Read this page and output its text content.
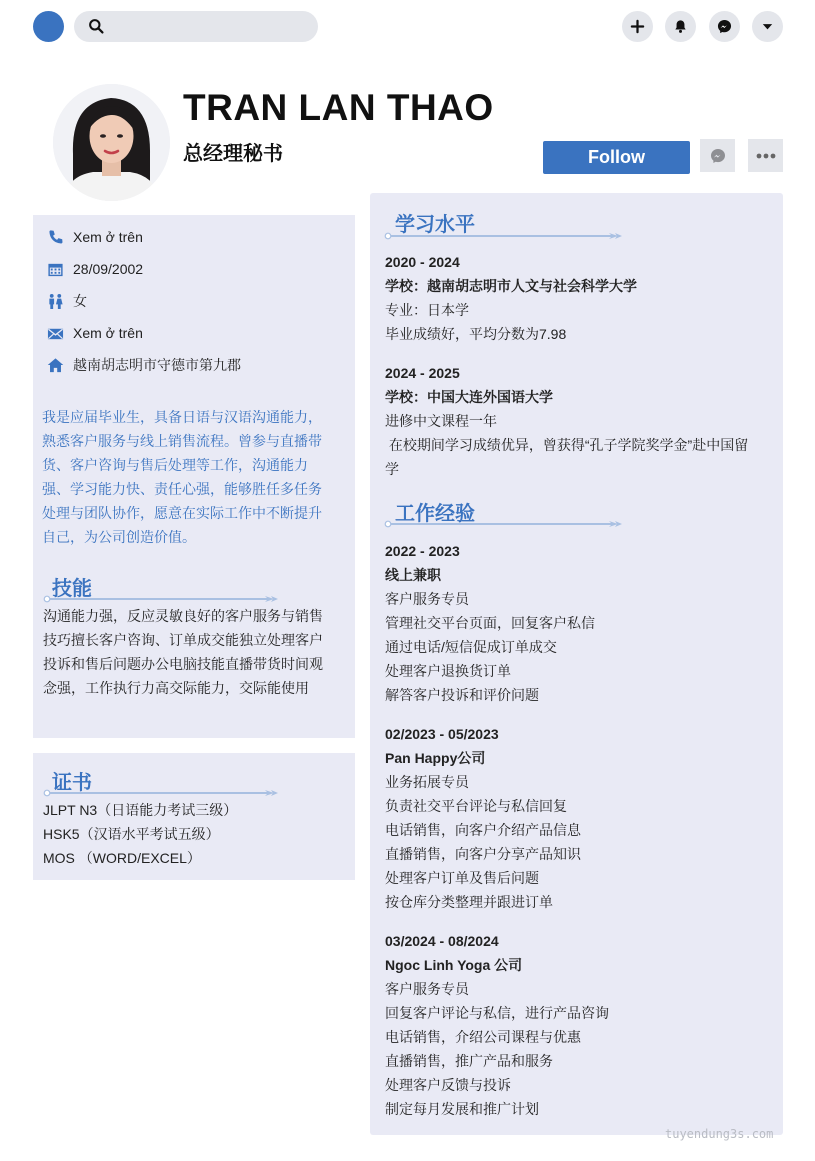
TRAN LAN THAO
总经理秘书	Follow
Xem ở trên
28/09/2002
女
Xem ở trên
越南胡志明市守德市第九郡
我是应届毕业生，具备日语与汉语沟通能力，熟悉客户服务与线上销售流程。曾参与直播带货、客户咨询与售后处理等工作，沟通能力强、学习能力快、责任心强，能够胜任多任务处理与团队协作，愿意在实际工作中不断提升自己，为公司创造价值。
技能
沟通能力强，反应灵敏良好的客户服务与销售技巧擅长客户咨询、订单成交能独立处理客户投诉和售后问题办公电脑技能直播带货时间观念强，工作执行力高交际能力，交际能使用
证书
JLPT N3（日语能力考试三级）
HSK5（汉语水平考试五级）
MOS （WORD/EXCEL）
学习水平
2020 - 2024
学校：越南胡志明市人文与社会科学大学
专业：日本学
毕业成绩好，平均分数为7.98
2024 - 2025
学校：中国大连外国语大学
进修中文课程一年
在校期间学习成绩优异，曾获得“孔子学院奖学金”赴中国留
学
工作经验
2022 - 2023
线上兼职
客户服务专员
管理社交平台页面，回复客户私信
通过电话/短信促成订单成交
处理客户退换货订单
解答客户投诉和评价问题
02/2023 - 05/2023
Pan Happy公司
业务拓展专员
负责社交平台评论与私信回复
电话销售，向客户介绍产品信息
直播销售，向客户分享产品知识
处理客户订单及售后问题
按仓库分类整理并跟进订单
03/2024 - 08/2024
Ngoc Linh Yoga 公司
客户服务专员
回复客户评论与私信，进行产品咨询
电话销售，介绍公司课程与优惠
直播销售，推广产品和服务
处理客户反馈与投诉
制定每月发展和推广计划
tuyendung3s.com
